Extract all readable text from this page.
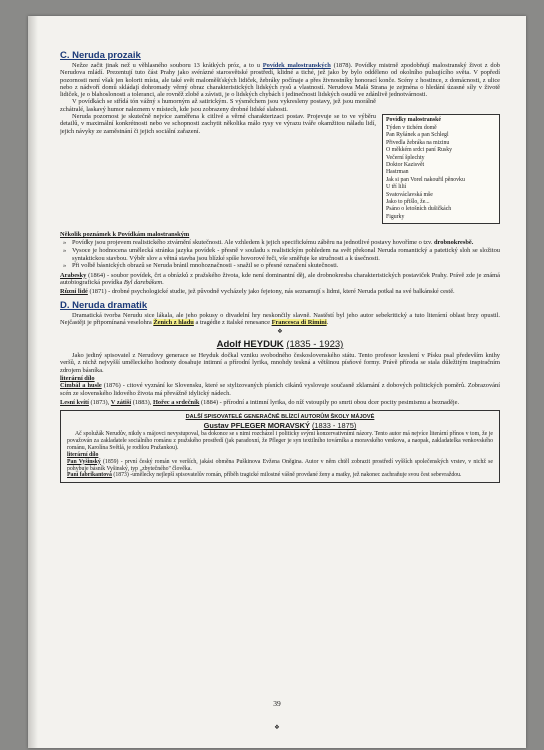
C. Neruda prozaik

Nežze začit jinak než u věhlasného souboru 13 krátkých próz, a to u Povídek malostranských (1878). Povídky mistrně zpodobňují malostranský život z dob Nerudova mládí. Prezentují tuto část Prahy jako svérázné starosvětské prostředí, klidné a tiché, jež jako by bylo odděleno od okolního pulsujícího světa. V popředí pozornosti není však jen kolorit místa, ale také svět maloměšťských lidiček, žebráky počínaje a přes živnostníky honorací konče. Scény z hostince, z domácnosti, z ulice nebo z nádvoří domů skládají dohromady věrný obraz charakteristických lidských rysů a vlastností. Nerudova Malá Strana je zejména o hledání úzasné síly v životě lidiček, je o blahoslonosti a toleranci, ale rovněž zlobě a závisti, je o lidských chybách i jedinečnosti lidských osudů ve zdánlivě jednotvárnosti.

Povídky malostranské
Týden v tichém domě
Pan Ryšánek a pan Schlegl
Přivedla žebráka na mizinu
O měkkém srdci paní Rusky
Večerní šplechty
Doktor Kazisvět
Hastrman
Jak si pan Vorel nakouřil pěnovku
U tří lilií
Svatováclavská mše
Jako to přišlo, že...
Psáno o letošních dušičkách
Figurky

V povídkách se střídá tón vážný s humorným až satirickým. S výsměchem jsou vykresleny postavy, jež jsou morálně zchátralé, laskavý humor naleznem v místech, kde jsou zobrazeny drobné lidské slabosti.

Neruda pozornost je skutečně nejvíce zaměřena k citlivé a věrné charakterizaci postav. Projevuje se to ve výběru detailů, v maximální konkrétnosti nebo ve schopnosti zachytit několika málo rysy ve výrazu tváře okamžitou náladu lidí, jejich návyky ze zaměstnání či jejich sociální zařazení.

Několik poznámek k Povídkám malostranským
» Povídky jsou projevem realistického ztvárnění skutečnosti. Ale vzhledem k jejich specifickému záběru na jednotlivé postavy hovoříme o tzv. drobnokresbě.
» Vysoce je hodnocena umělecká stránka jazyka povídek - přesně v souladu s realistickým pohledem na svět překonal Neruda romantický a patetický sloh se složitou syntaktickou stavbou. Výběr slov a větná stavba jsou blízké spíše hovorové řeči, vše směřuje ke stručnosti a k úsečnosti.
» Při volbě básnických obrazů se Neruda bránil mnohoznačnosti - snažil se o přesné označení skutečnosti.

Arabesky (1864) - soubor povídek, črt a obrázků z pražského života, kde není dominantní děj, ale drobnokresba charakteristických postaviček Prahy. Právě zde je známá autobiografická povídka Byl darebákem.

Různí lidé (1871) - drobné psychologické studie, jež původně vycházely jako fejetony, nás seznamují s lidmi, které Neruda potkal na své balkánské cestě.

D. Neruda dramatik

Dramatická tvorba Nerudu sice lákala, ale jeho pokusy o divadelní hry neskončily slavně. Nastěstí byl jeho autor sebekritický a tuto literární oblast brzy opustil. Nejčastěji je připomínaná veselohra Ženich z hladu a tragédie z italské renesance Francesca di Rimini.

❖
Adolf HEYDUK (1835 - 1923)

Jako jediný spisovatel z Nerudovy generace se Heyduk dočkal vzniku svobodného československého státu. Tento profesor kreslení v Písku psal především knihy veršů, z nichž nejvyšší uměleckého hodnoty dosahuje intimní a přírodní lyrika, mnohdy teskná a většinou písňové formy. Právě příroda se stala důležitým inspiračním zdrojem básníka.

literární dílo

Cimbál a husle (1876) - citové vyznání ke Slovensku, které se stylizovaných písních cikánů vyslovuje současně zklamání z dobových politických poměrů. Zobrazování scén ze slovenského lidového života má převážně idylický nádech.

Lesní kvítí (1873), V zátiší (1883), Hořec a srdečník (1884) - přírodní a intimní lyrika, do níž vstoupily po smrti obou dcer pocity pesimismu a beznaděje.

DALŠÍ SPISOVATELÉ GENERAČNĚ BLÍZCÍ AUTORŮM ŠKOLY MÁJOVÉ
Gustav PFLEGER MORAVSKÝ (1833 - 1875)

Ač spolužák Nerudův, nikdy s májovci nevystupoval, ba dokonce se s nimi rozcházel i politicky svými konzervativními názory. Tento autor má nejvíce literární přínos v tom, že je považován za zakladatele sociálního románu z pražského prostředí (jak paradoxní, že Pfleger je syn textilního továrníka a moravského venkova, a naopak, zakladatelka venkovského románu, Karolína Světlá, je rodilou Pražankou).

literární dílo

Pan Vyšinský (1859) - první český román ve verších, jakási obměna Puškinova Evžena Oněgina. Autor v něm chtěl zobrazit prostředí vyšších společenských vrstev, v nichž se pohybuje básník Vyšinský, typ „zbytečného" člověka.

Paní fabrikantová (1873) -umělecky nejlepší spisovatelův román, příběh tragické milostné vášně provdané ženy a matky, jež nakonec zachraňuje svou čest sebevraždou.

39
❖
